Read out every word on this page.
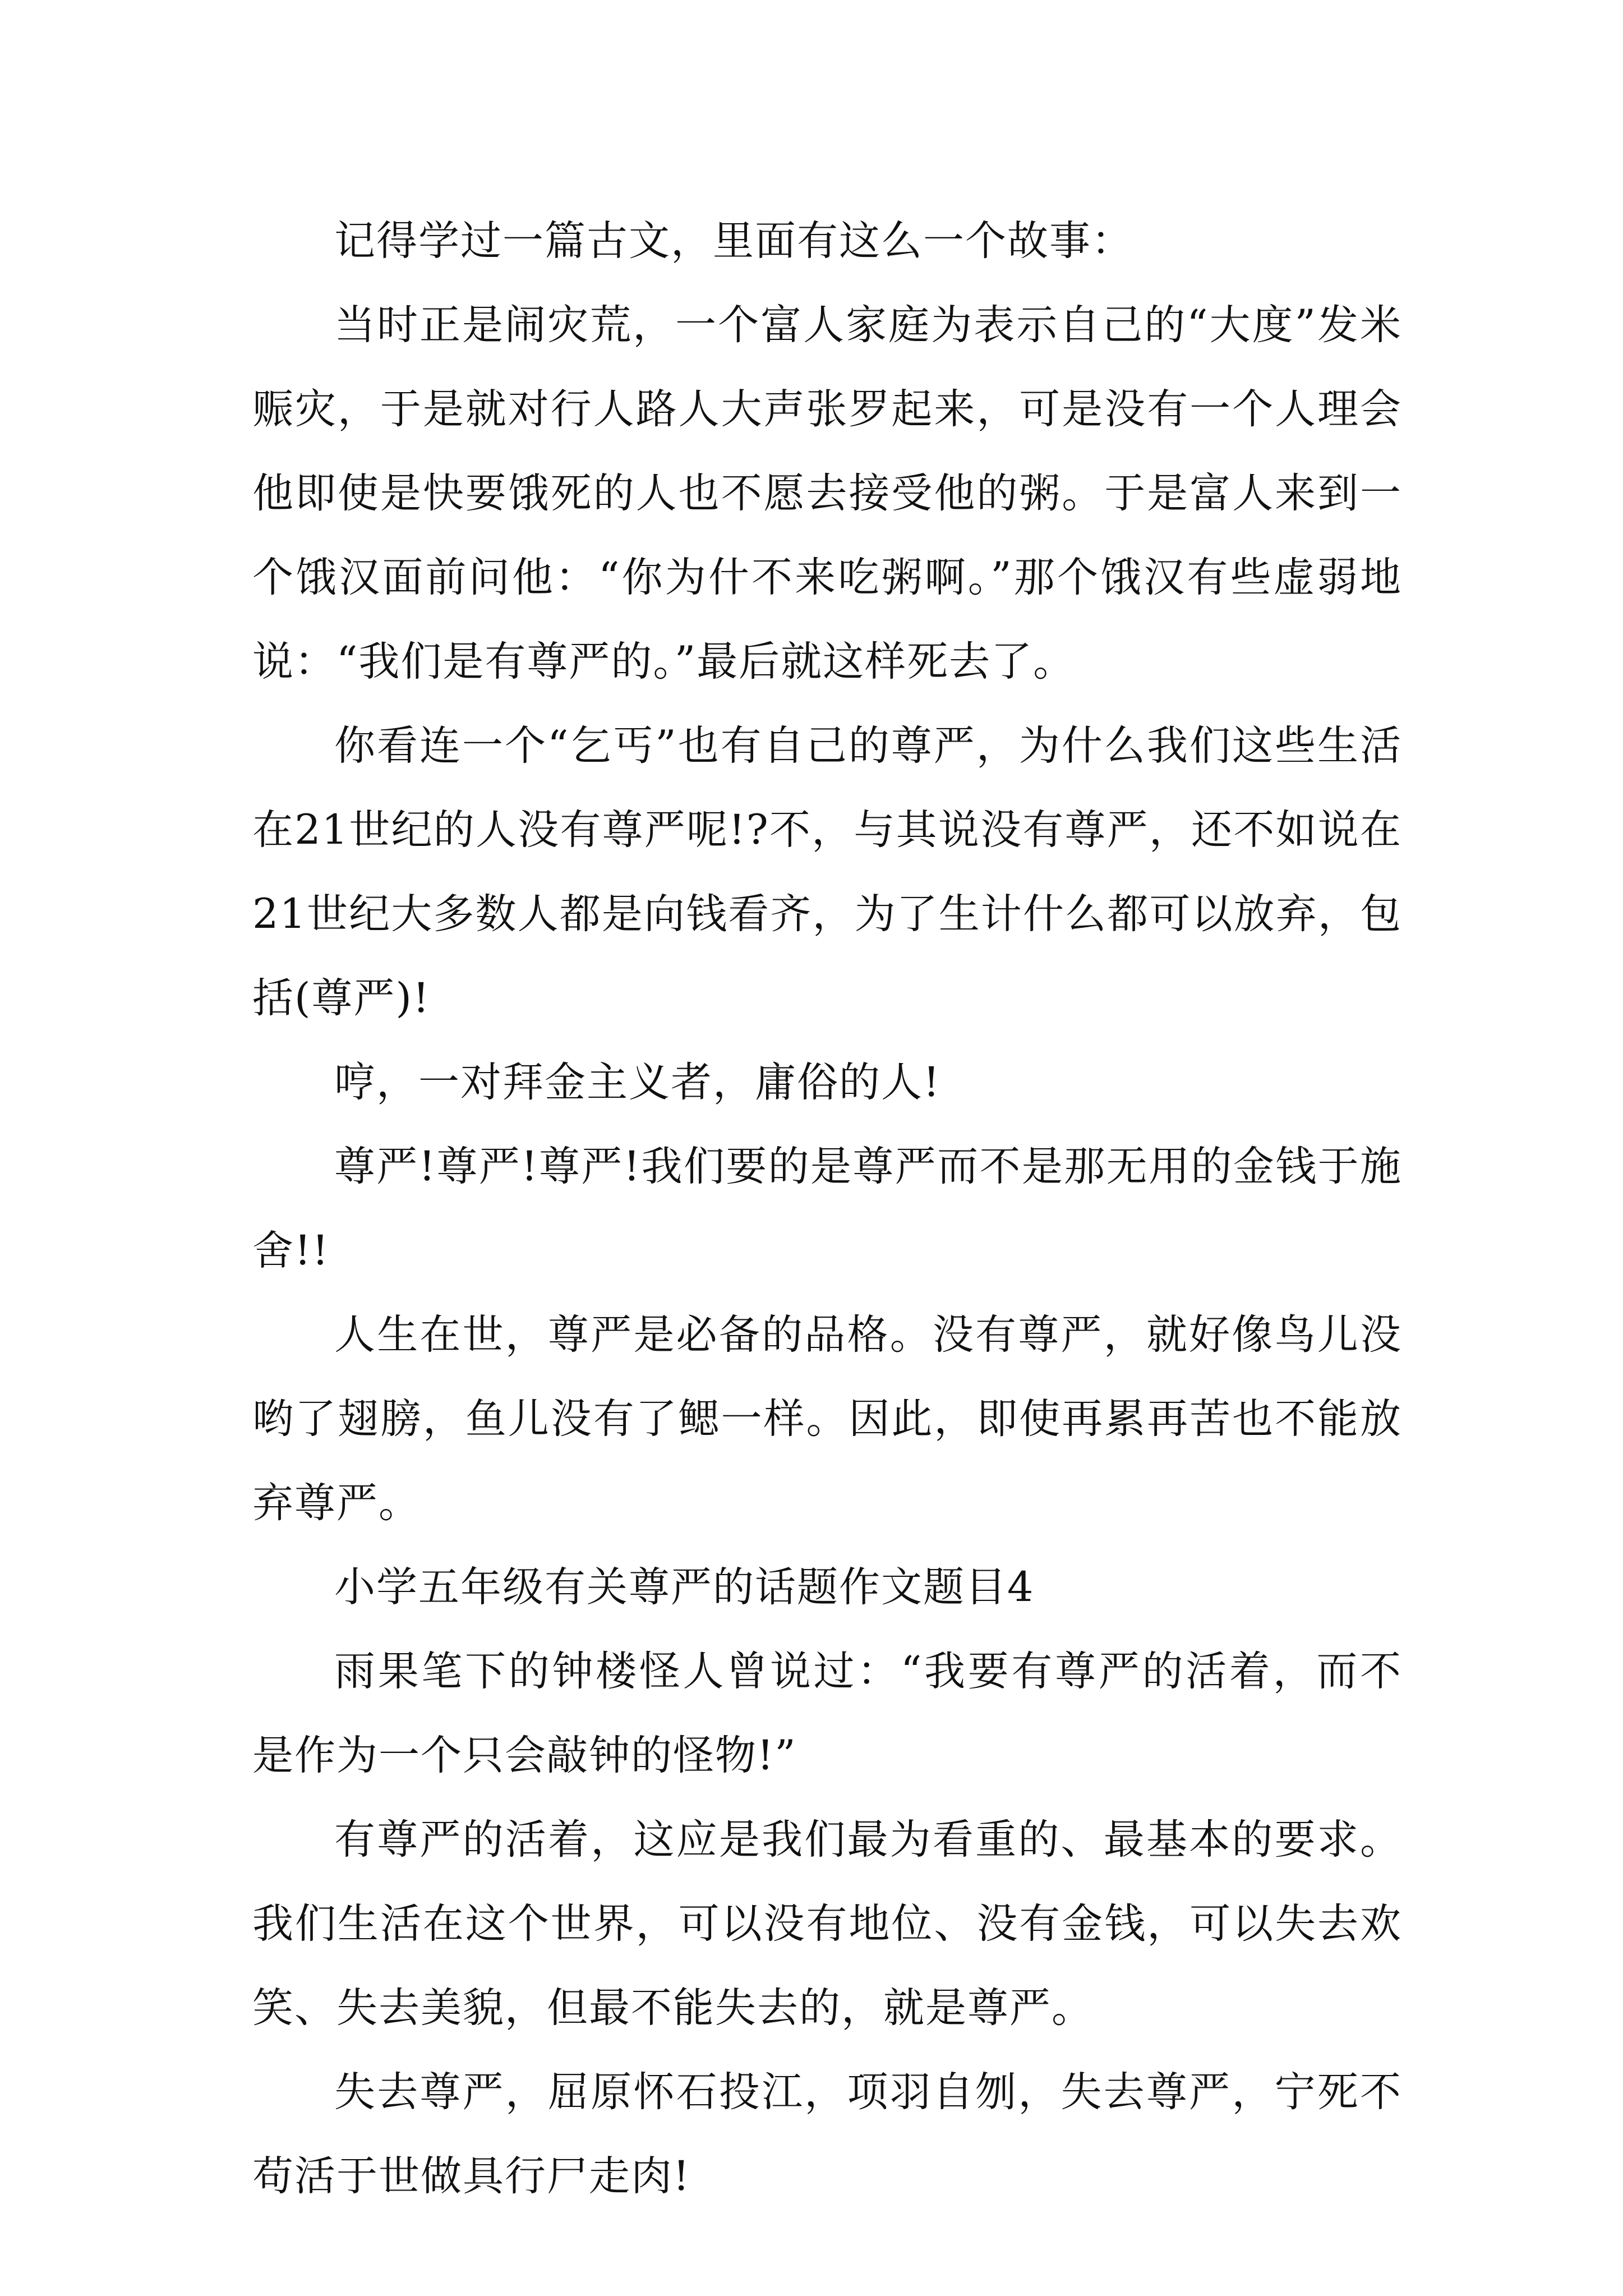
记得学过一篇古文，里面有这么一个故事：

当时正是闹灾荒，一个富人家庭为表示自己的“大度”发米赈灾，于是就对行人路人大声张罗起来，可是没有一个人理会他即使是快要饿死的人也不愿去接受他的粥。于是富人来到一个饿汉面前问他：“你为什不来吃粥啊。”那个饿汉有些虚弱地说：“我们是有尊严的。”最后就这样死去了。

你看连一个“乞丐”也有自己的尊严，为什么我们这些生活在21世纪的人没有尊严呢!?不，与其说没有尊严，还不如说在21世纪大多数人都是向钱看齐，为了生计什么都可以放弃，包括(尊严)!

哼，一对拜金主义者，庸俗的人!

尊严!尊严!尊严!我们要的是尊严而不是那无用的金钱于施舍!!

人生在世，尊严是必备的品格。没有尊严，就好像鸟儿没哟了翅膀，鱼儿没有了鳃一样。因此，即使再累再苦也不能放弃尊严。

小学五年级有关尊严的话题作文题目4

雨果笔下的钟楼怪人曾说过：“我要有尊严的活着，而不是作为一个只会敲钟的怪物!”

有尊严的活着，这应是我们最为看重的、最基本的要求。我们生活在这个世界，可以没有地位、没有金钱，可以失去欢笑、失去美貌，但最不能失去的，就是尊严。

失去尊严，屈原怀石投江，项羽自刎，失去尊严，宁死不苟活于世做具行尸走肉!
